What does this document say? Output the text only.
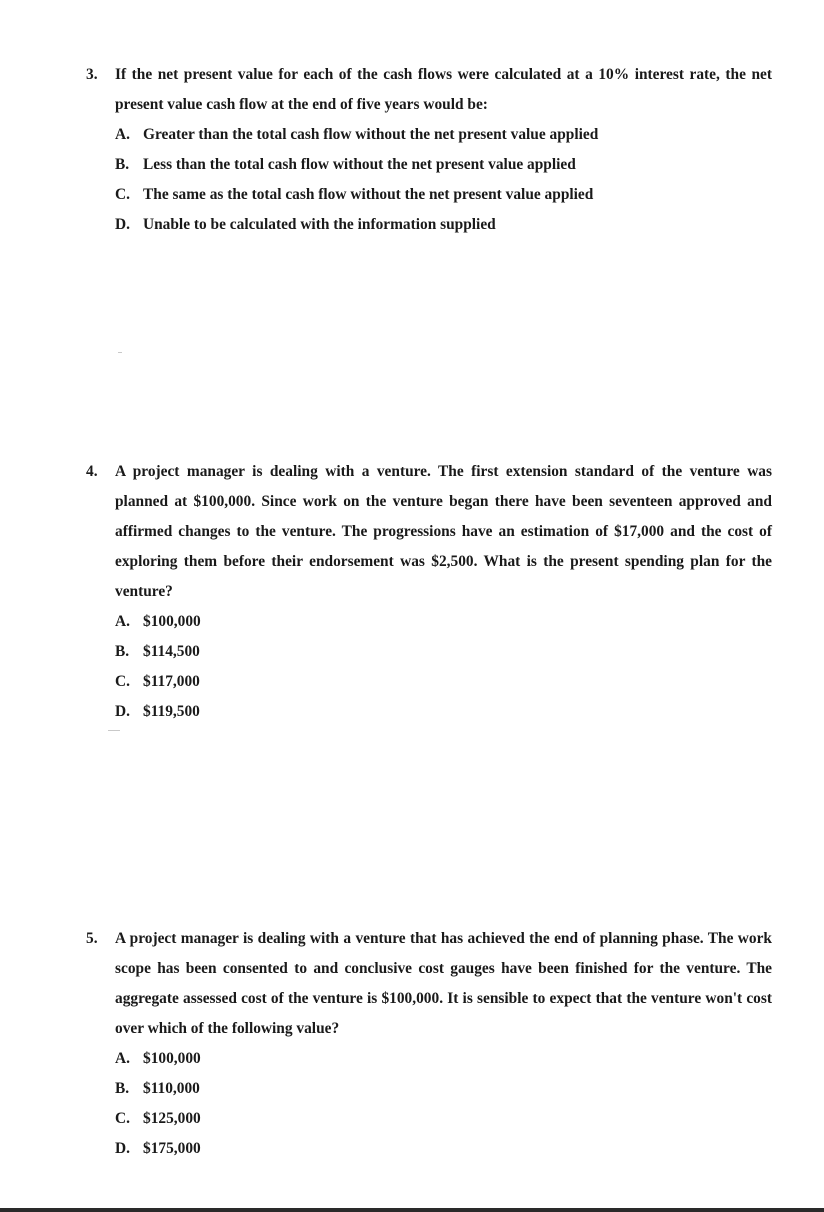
3.	If the net present value for each of the cash flows were calculated at a 10% interest rate, the net present value cash flow at the end of five years would be:
A. Greater than the total cash flow without the net present value applied
B. Less than the total cash flow without the net present value applied
C. The same as the total cash flow without the net present value applied
D. Unable to be calculated with the information supplied
4.	A project manager is dealing with a venture. The first extension standard of the venture was planned at $100,000. Since work on the venture began there have been seventeen approved and affirmed changes to the venture. The progressions have an estimation of $17,000 and the cost of exploring them before their endorsement was $2,500. What is the present spending plan for the venture?
A. $100,000
B. $114,500
C. $117,000
D. $119,500
5.	A project manager is dealing with a venture that has achieved the end of planning phase. The work scope has been consented to and conclusive cost gauges have been finished for the venture. The aggregate assessed cost of the venture is $100,000. It is sensible to expect that the venture won't cost over which of the following value?
A. $100,000
B. $110,000
C. $125,000
D. $175,000
